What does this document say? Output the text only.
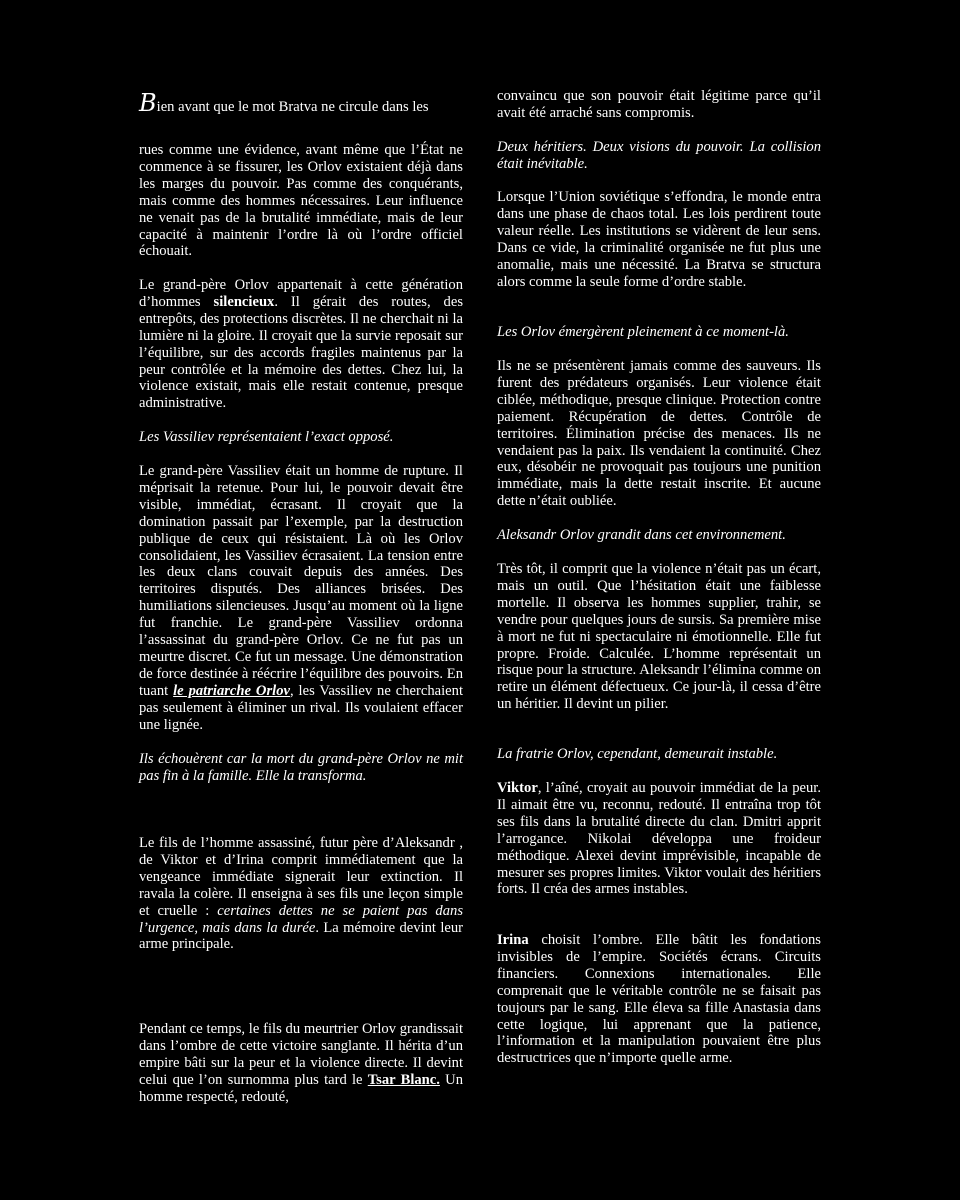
Bien avant que le mot Bratva ne circule dans les

rues comme une évidence, avant même que l’État ne commence à se fissurer, les Orlov existaient déjà dans les marges du pouvoir. Pas comme des conquérants, mais comme des hommes nécessaires. Leur influence ne venait pas de la brutalité immédiate, mais de leur capacité à maintenir l’ordre là où l’ordre officiel échouait.

Le grand-père Orlov appartenait à cette génération d’hommes silencieux. Il gérait des routes, des entrepôts, des protections discrètes. Il ne cherchait ni la lumière ni la gloire. Il croyait que la survie reposait sur l’équilibre, sur des accords fragiles maintenus par la peur contrôlée et la mémoire des dettes. Chez lui, la violence existait, mais elle restait contenue, presque administrative.

Les Vassiliev représentaient l’exact opposé.

Le grand-père Vassiliev était un homme de rupture. Il méprisait la retenue. Pour lui, le pouvoir devait être visible, immédiat, écrasant. Il croyait que la domination passait par l’exemple, par la destruction publique de ceux qui résistaient. Là où les Orlov consolidaient, les Vassiliev écrasaient. La tension entre les deux clans couvait depuis des années. Des territoires disputés. Des alliances brisées. Des humiliations silencieuses. Jusqu’au moment où la ligne fut franchie. Le grand-père Vassiliev ordonna l’assassinat du grand-père Orlov. Ce ne fut pas un meurtre discret. Ce fut un message. Une démonstration de force destinée à réécrire l’équilibre des pouvoirs. En tuant le patriarche Orlov, les Vassiliev ne cherchaient pas seulement à éliminer un rival. Ils voulaient effacer une lignée.

Ils échouèrent car la mort du grand-père Orlov ne mit pas fin à la famille. Elle la transforma.

Le fils de l’homme assassiné, futur père d’Aleksandr , de Viktor et d’Irina comprit immédiatement que la vengeance immédiate signerait leur extinction. Il ravala la colère. Il enseigna à ses fils une leçon simple et cruelle : certaines dettes ne se paient pas dans l’urgence, mais dans la durée. La mémoire devint leur arme principale.

Pendant ce temps, le fils du meurtrier Orlov grandissait dans l’ombre de cette victoire sanglante. Il hérita d’un empire bâti sur la peur et la violence directe. Il devint celui que l’on surnomma plus tard le Tsar Blanc. Un homme respecté, redouté,

convaincu que son pouvoir était légitime parce qu’il avait été arraché sans compromis.

Deux héritiers. Deux visions du pouvoir. La collision était inévitable.

Lorsque l’Union soviétique s’effondra, le monde entra dans une phase de chaos total. Les lois perdirent toute valeur réelle. Les institutions se vidèrent de leur sens. Dans ce vide, la criminalité organisée ne fut plus une anomalie, mais une nécessité. La Bratva se structura alors comme la seule forme d’ordre stable.

Les Orlov émergèrent pleinement à ce moment-là.

Ils ne se présentèrent jamais comme des sauveurs. Ils furent des prédateurs organisés. Leur violence était ciblée, méthodique, presque clinique. Protection contre paiement. Récupération de dettes. Contrôle de territoires. Élimination précise des menaces. Ils ne vendaient pas la paix. Ils vendaient la continuité. Chez eux, désobéir ne provoquait pas toujours une punition immédiate, mais la dette restait inscrite. Et aucune dette n’était oubliée.

Aleksandr Orlov grandit dans cet environnement.

Très tôt, il comprit que la violence n’était pas un écart, mais un outil. Que l’hésitation était une faiblesse mortelle. Il observa les hommes supplier, trahir, se vendre pour quelques jours de sursis. Sa première mise à mort ne fut ni spectaculaire ni émotionnelle. Elle fut propre. Froide. Calculée. L’homme représentait un risque pour la structure. Aleksandr l’élimina comme on retire un élément défectueux. Ce jour-là, il cessa d’être un héritier. Il devint un pilier.

La fratrie Orlov, cependant, demeurait instable.

Viktor, l’aîné, croyait au pouvoir immédiat de la peur. Il aimait être vu, reconnu, redouté. Il entraîna trop tôt ses fils dans la brutalité directe du clan. Dmitri apprit l’arrogance. Nikolai développa une froideur méthodique. Alexei devint imprévisible, incapable de mesurer ses propres limites. Viktor voulait des héritiers forts. Il créa des armes instables.

Irina choisit l’ombre. Elle bâtit les fondations invisibles de l’empire. Sociétés écrans. Circuits financiers. Connexions internationales. Elle comprenait que le véritable contrôle ne se faisait pas toujours par le sang. Elle éleva sa fille Anastasia dans cette logique, lui apprenant que la patience, l’information et la manipulation pouvaient être plus destructrices que n’importe quelle arme.
